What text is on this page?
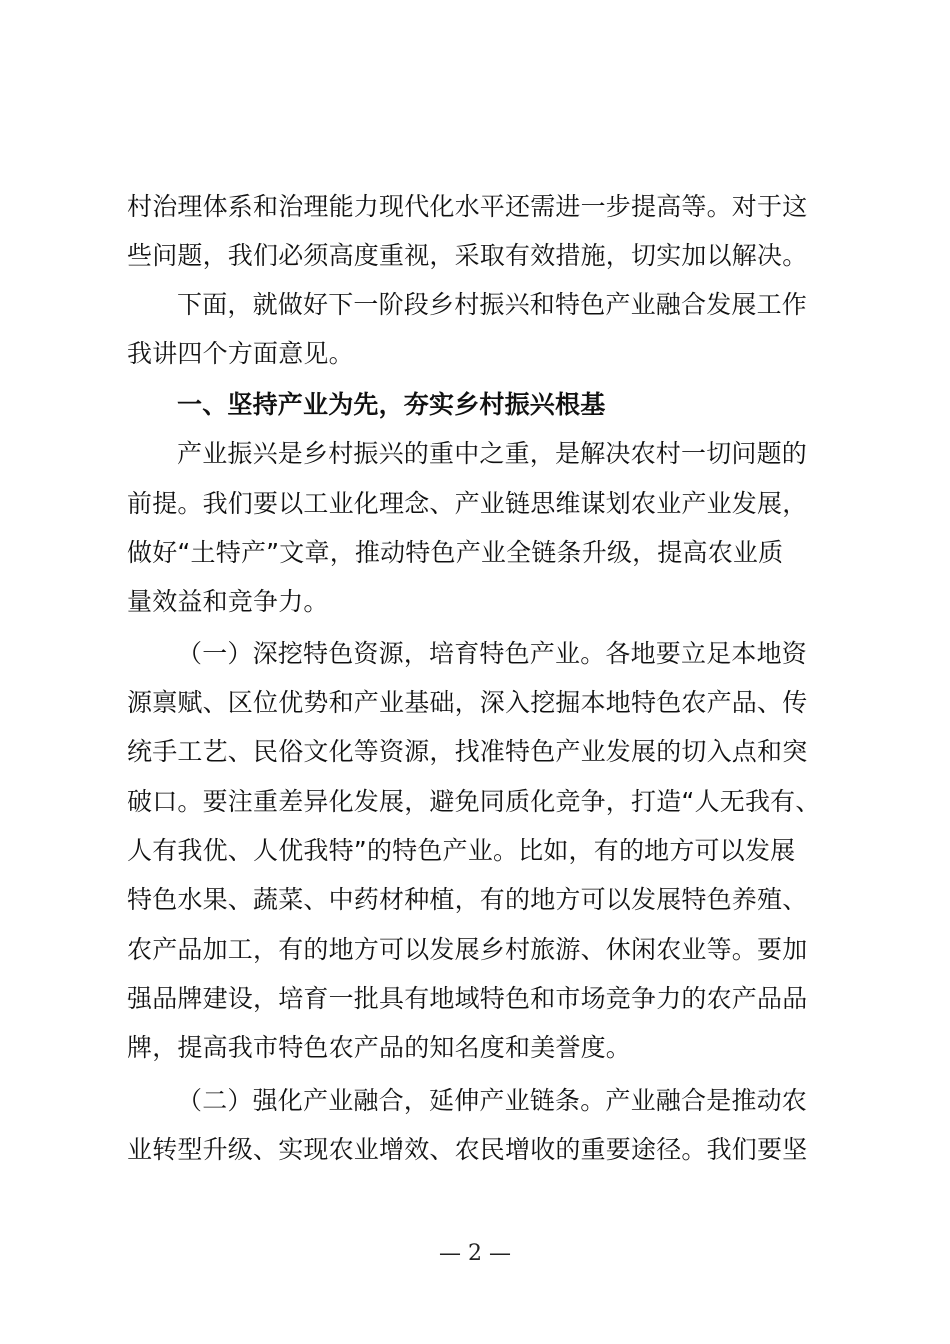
村治理体系和治理能力现代化水平还需进一步提高等。对于这
些问题，我们必须高度重视，采取有效措施，切实加以解决。
下面，就做好下一阶段乡村振兴和特色产业融合发展工作
我讲四个方面意见。
一、坚持产业为先，夯实乡村振兴根基
产业振兴是乡村振兴的重中之重，是解决农村一切问题的
前提。我们要以工业化理念、产业链思维谋划农业产业发展，
做好“土特产”文章，推动特色产业全链条升级，提高农业质
量效益和竞争力。
（一）深挖特色资源，培育特色产业。各地要立足本地资
源禀赋、区位优势和产业基础，深入挖掘本地特色农产品、传
统手工艺、民俗文化等资源，找准特色产业发展的切入点和突
破口。要注重差异化发展，避免同质化竞争，打造“人无我有、
人有我优、人优我特”的特色产业。比如，有的地方可以发展
特色水果、蔬菜、中药材种植，有的地方可以发展特色养殖、
农产品加工，有的地方可以发展乡村旅游、休闲农业等。要加
强品牌建设，培育一批具有地域特色和市场竞争力的农产品品
牌，提高我市特色农产品的知名度和美誉度。
（二）强化产业融合，延伸产业链条。产业融合是推动农
业转型升级、实现农业增效、农民增收的重要途径。我们要坚
— 2 —
